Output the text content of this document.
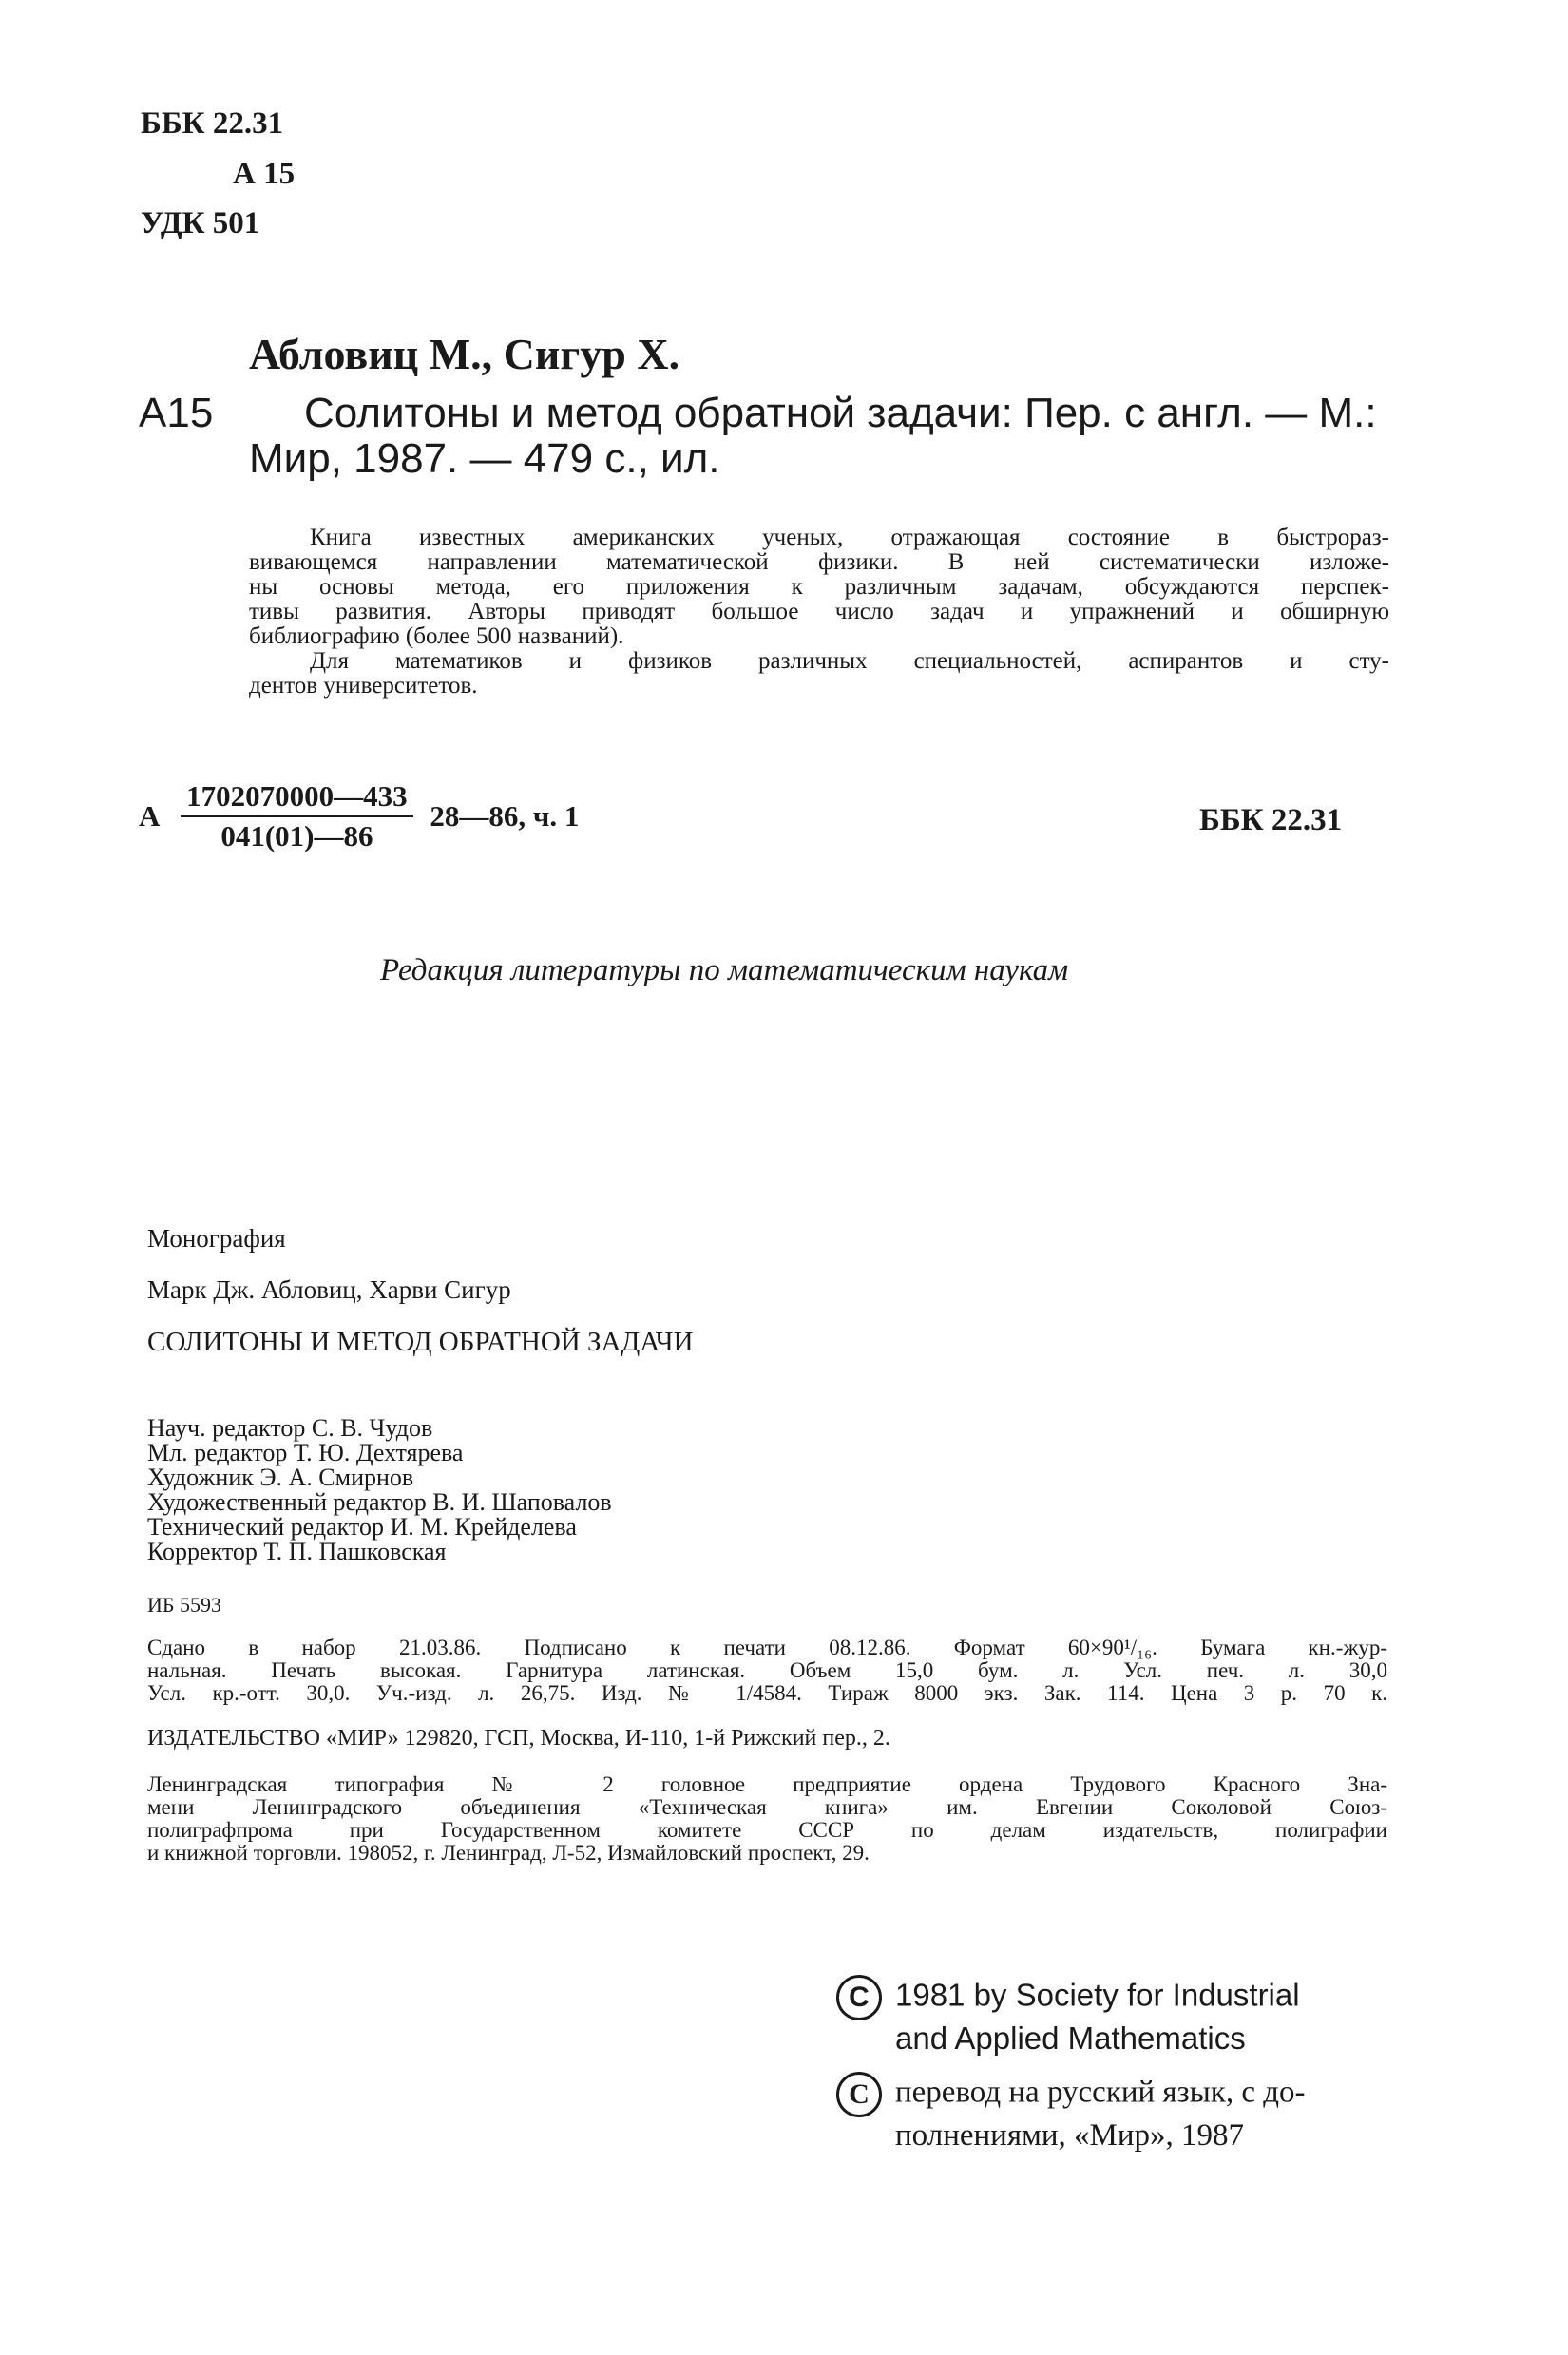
ББК 22.31
А 15
УДК 501
Абловиц М., Сигур Х.
А15 Солитоны и метод обратной задачи: Пер. с англ. — М.:
Мир, 1987. — 479 с., ил.
Книга известных американских ученых, отражающая состояние в быстрораз-
вивающемся направлении математической физики. В ней систематически изложе-
ны основы метода, его приложения к различным задачам, обсуждаются перспек-
тивы развития. Авторы приводят большое число задач и упражнений и обширную
библиографию (более 500 названий).
Для математиков и физиков различных специальностей, аспирантов и сту-
дентов университетов.
А $\frac{1702070000—433}{041(01)—86}$ 28—86, ч. 1	ББК 22.31
Редакция литературы по математическим наукам
Монография
Марк Дж. Абловиц, Харви Сигур
СОЛИТОНЫ И МЕТОД ОБРАТНОЙ ЗАДАЧИ
Науч. редактор С. В. Чудов
Мл. редактор Т. Ю. Дехтярева
Художник Э. А. Смирнов
Художественный редактор В. И. Шаповалов
Технический редактор И. М. Крейделева
Корректор Т. П. Пашковская
ИБ 5593
Сдано в набор 21.03.86. Подписано к печати 08.12.86. Формат 60×90¹/₁₆. Бумага кн.-жур-
нальная. Печать высокая. Гарнитура латинская. Объем 15,0 бум. л. Усл. печ. л. 30,0
Усл. кр.-отт. 30,0. Уч.-изд. л. 26,75. Изд. № 1/4584. Тираж 8000 экз. Зак. 114. Цена 3 р. 70 к.
ИЗДАТЕЛЬСТВО «МИР» 129820, ГСП, Москва, И-110, 1-й Рижский пер., 2.
Ленинградская типография № 2 головное предприятие ордена Трудового Красного Зна-
мени Ленинградского объединения «Техническая книга» им. Евгении Соколовой Союз-
полиграфпрома при Государственном комитете СССР по делам издательств, полиграфии
и книжной торговли. 198052, г. Ленинград, Л-52, Измайловский проспект, 29.
C 1981 by Society for Industrial
and Applied Mathematics
C перевод на русский язык, с до-
полнениями, «Мир», 1987
